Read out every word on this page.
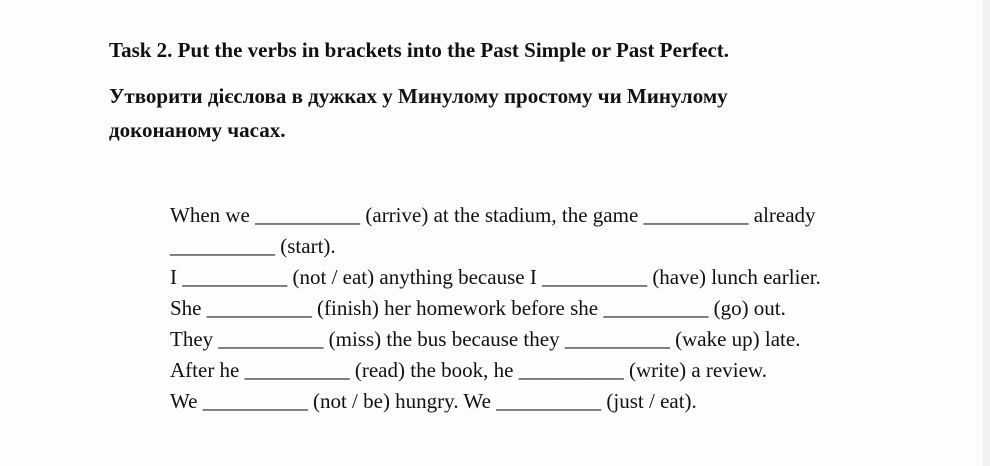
Task 2. Put the verbs in brackets into the Past Simple or Past Perfect.
Утворити дієслова в дужках у Минулому простому чи Минулому
доконаному часах.
When we __________ (arrive) at the stadium, the game __________ already
__________ (start).
I __________ (not / eat) anything because I __________ (have) lunch earlier.
She __________ (finish) her homework before she __________ (go) out.
They __________ (miss) the bus because they __________ (wake up) late.
After he __________ (read) the book, he __________ (write) a review.
We __________ (not / be) hungry. We __________ (just / eat).
